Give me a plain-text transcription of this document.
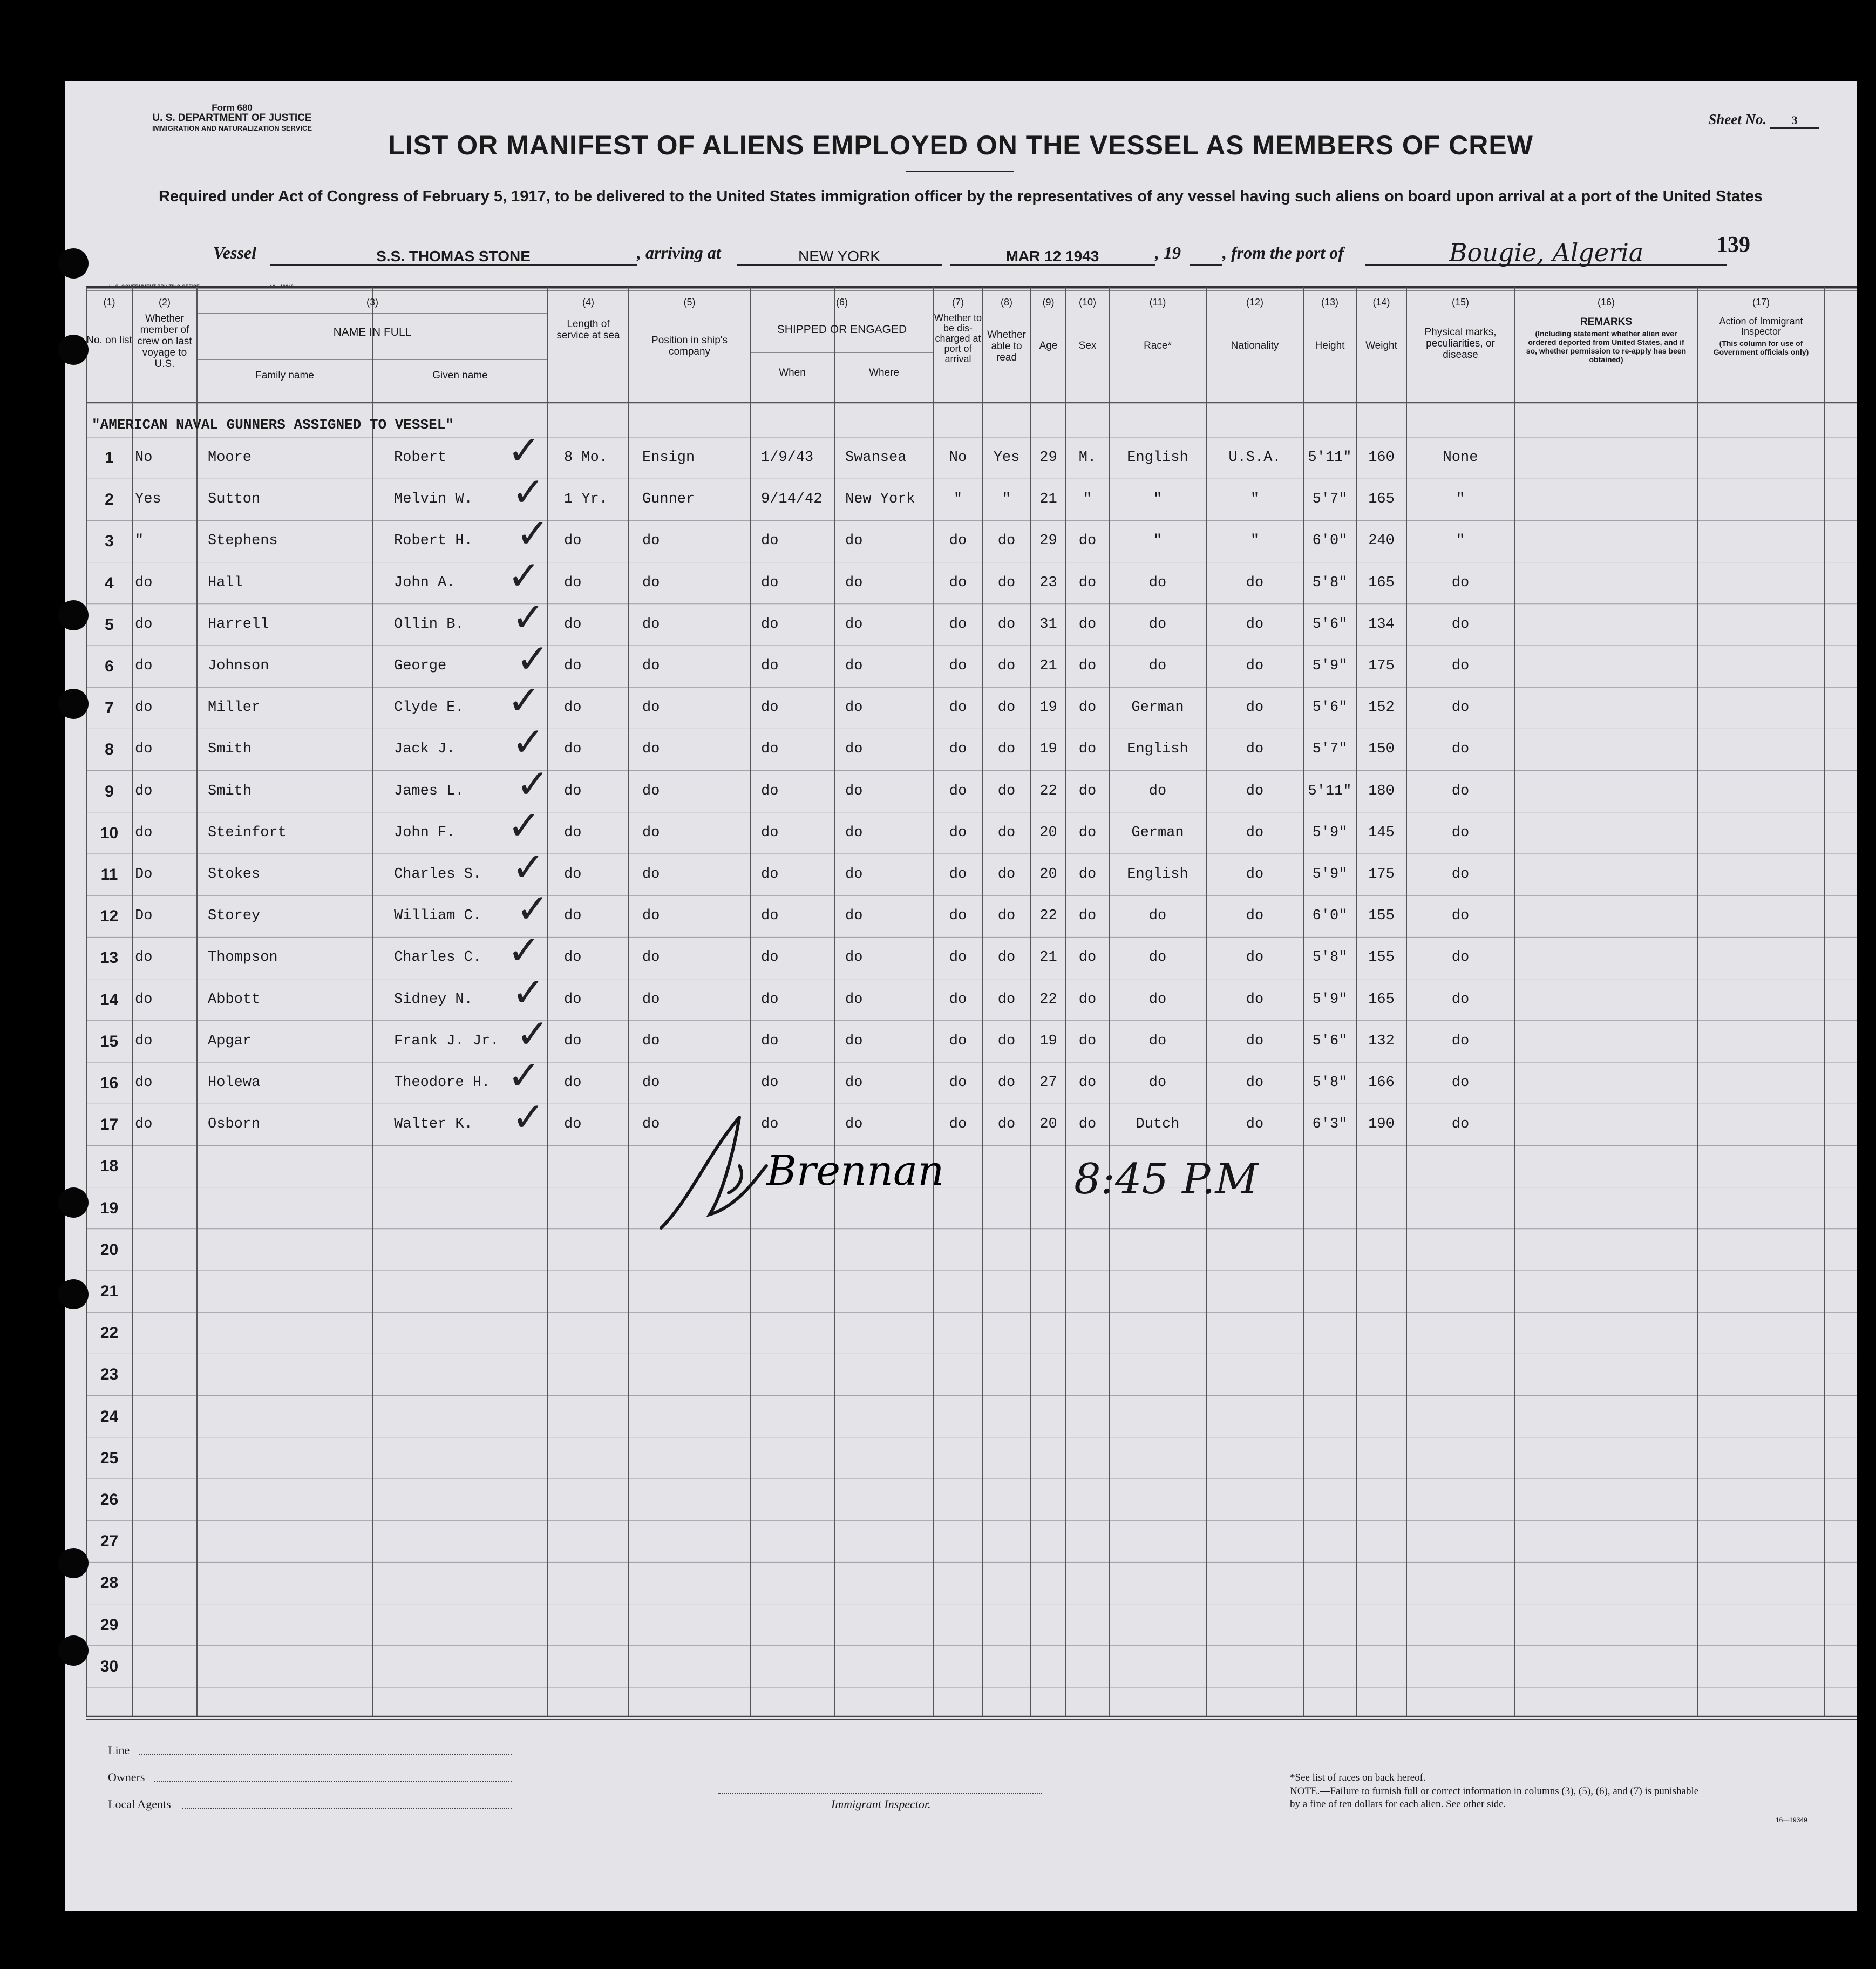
Form 680
U. S. DEPARTMENT OF JUSTICE
IMMIGRATION AND NATURALIZATION SERVICE
Sheet No. 3
LIST OR MANIFEST OF ALIENS EMPLOYED ON THE VESSEL AS MEMBERS OF CREW
Required under Act of Congress of February 5, 1917, to be delivered to the United States immigration officer by the representatives of any vessel having such aliens on board upon arrival at a port of the United States
Vessel	S.S. THOMAS STONE	, arriving at	NEW YORK	MAR 12 1943	, 19 , from the port of	Bougie, Algeria	139
U. S. GOVERNMENT PRINTING OFFICE	16—19349
(1)
No. on list
(2)
Whether member of crew on last voyage to U.S.
(3)
NAME IN FULL
Family name	Given name
(4)
Length of service at sea
(5)
Position in ship's company
(6)
SHIPPED OR ENGAGED
When	Where
(7)
Whether to be dis-charged at port of arrival
(8)
Whether able to read
(9)
Age
(10)
Sex
(11)
Race*
(12)
Nationality
(13)
Height
(14)
Weight
(15)
Physical marks, peculiarities, or disease
(16)
REMARKS
(Including statement whether alien ever ordered deported from United States, and if so, whether permission to re-apply has been obtained)
(17)
Action of Immigrant Inspector
(This column for use of Government officials only)
"AMERICAN NAVAL GUNNERS ASSIGNED TO VESSEL"
1	No	Moore	Robert	8 Mo.	Ensign	1/9/43	Swansea	No	Yes	29	M.	English	U.S.A.	5'11"	160	None
✓
2	Yes	Sutton	Melvin W.	1 Yr.	Gunner	9/14/42	New York	"	"	21	"	"	"	5'7"	165	"
✓
3	"	Stephens	Robert H.	do	do	do	do	do	do	29	do	"	"	6'0"	240	"
✓
4	do	Hall	John A.	do	do	do	do	do	do	23	do	do	do	5'8"	165	do
✓
5	do	Harrell	Ollin B.	do	do	do	do	do	do	31	do	do	do	5'6"	134	do
✓
6	do	Johnson	George	do	do	do	do	do	do	21	do	do	do	5'9"	175	do
✓
7	do	Miller	Clyde E.	do	do	do	do	do	do	19	do	German	do	5'6"	152	do
✓
8	do	Smith	Jack J.	do	do	do	do	do	do	19	do	English	do	5'7"	150	do
✓
9	do	Smith	James L.	do	do	do	do	do	do	22	do	do	do	5'11"	180	do
✓
10	do	Steinfort	John F.	do	do	do	do	do	do	20	do	German	do	5'9"	145	do
✓
11	Do	Stokes	Charles S.	do	do	do	do	do	do	20	do	English	do	5'9"	175	do
✓
12	Do	Storey	William C.	do	do	do	do	do	do	22	do	do	do	6'0"	155	do
✓
13	do	Thompson	Charles C.	do	do	do	do	do	do	21	do	do	do	5'8"	155	do
✓
14	do	Abbott	Sidney N.	do	do	do	do	do	do	22	do	do	do	5'9"	165	do
✓
15	do	Apgar	Frank J. Jr.	do	do	do	do	do	do	19	do	do	do	5'6"	132	do
✓
16	do	Holewa	Theodore H.	do	do	do	do	do	do	27	do	do	do	5'8"	166	do
✓
17	do	Osborn	Walter K.	do	do	do	do	do	do	20	do	Dutch	do	6'3"	190	do
✓
18
19
20
21
22
23
24
25
26
27
28
29
30
Brennan	8:45 P.M
Line
Owners
Local Agents	Immigrant Inspector.
*See list of races on back hereof.
NOTE.—Failure to furnish full or correct information in columns (3), (5), (6), and (7) is punishable by a fine of ten dollars for each alien. See other side.
16—19349
